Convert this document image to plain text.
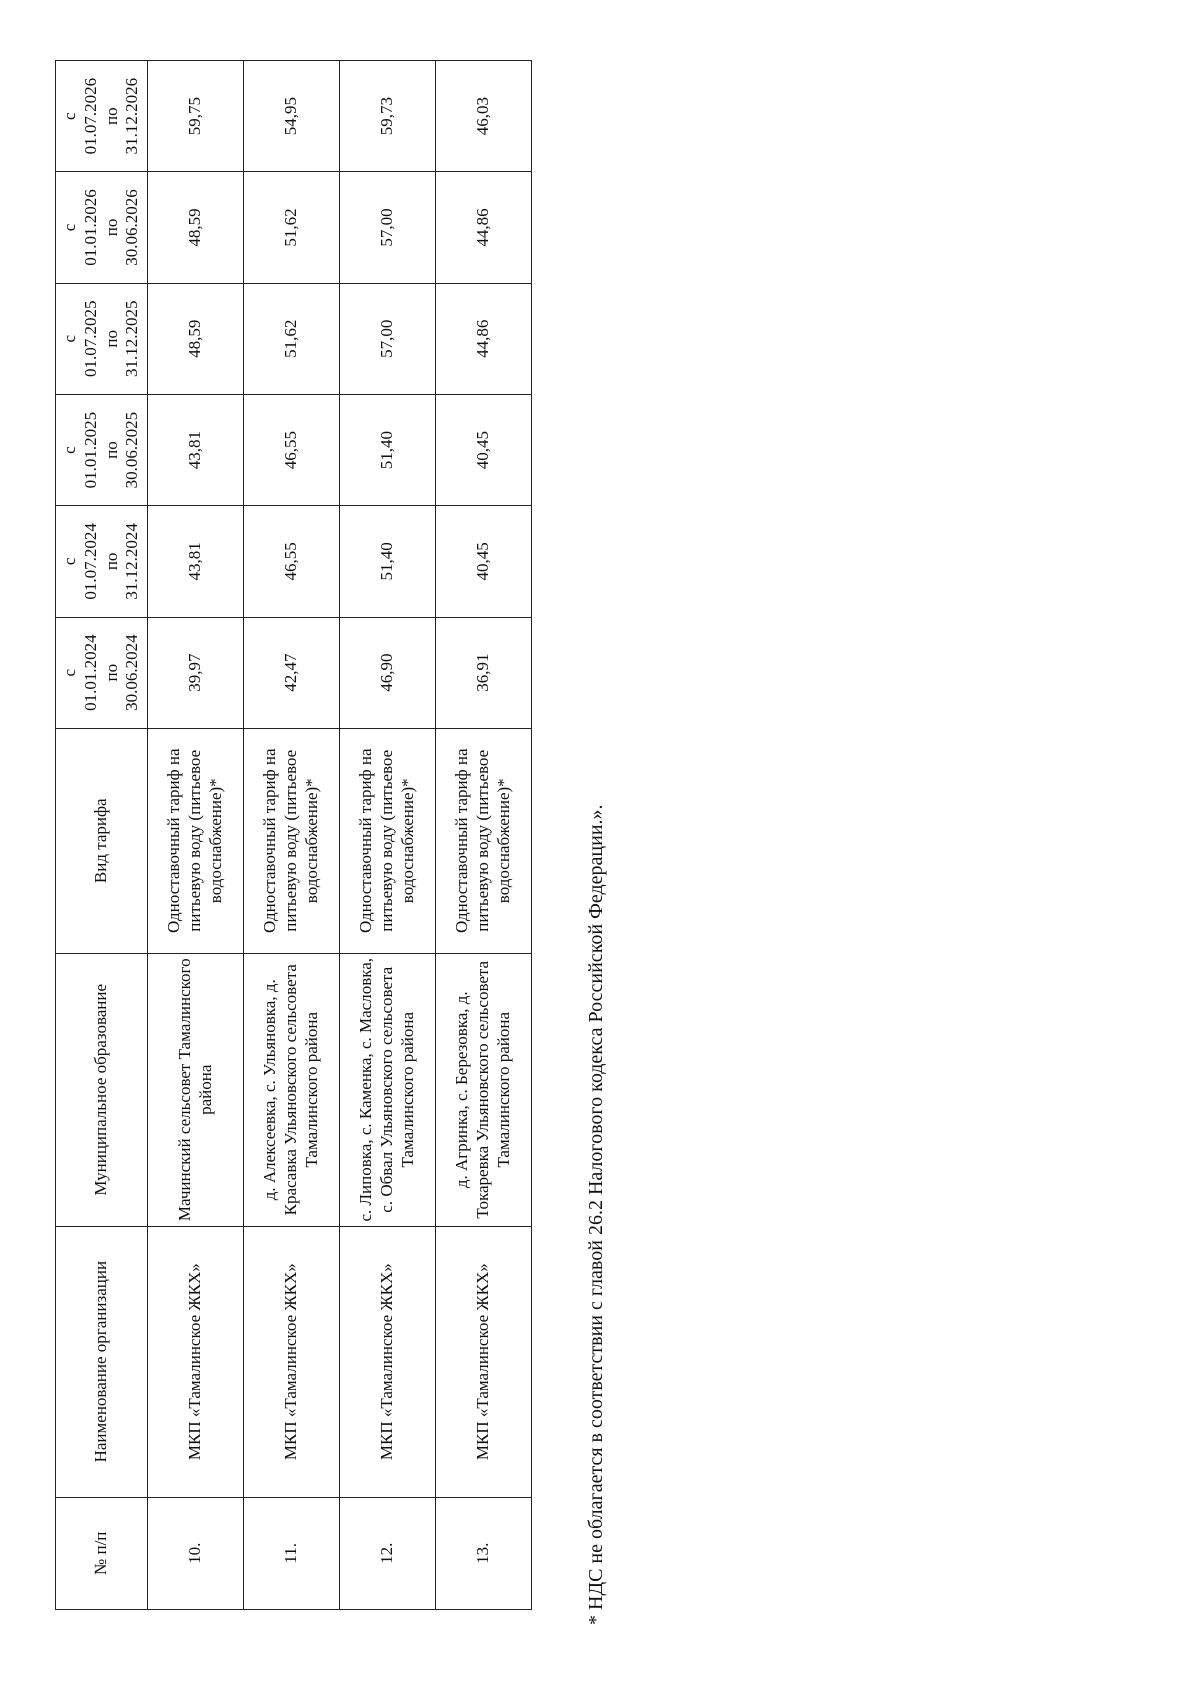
№ п/п	Наименование организации	Муниципальное образование	Вид тарифа	с 01.01.2024 по 30.06.2024	с 01.07.2024 по 31.12.2024	с 01.01.2025 по 30.06.2025	с 01.07.2025 по 31.12.2025	с 01.01.2026 по 30.06.2026	с 01.07.2026 по 31.12.2026

10.	МКП «Тамалинское ЖКХ»	Мачинский сельсовет Тамалинского района	Одноставочный тариф на питьевую воду (питьевое водоснабжение)*	39,97	43,81	43,81	48,59	48,59	59,75
11.	МКП «Тамалинское ЖКХ»	д. Алексеевка, с. Ульяновка, д. Красавка Ульяновского сельсовета Тамалинского района	Одноставочный тариф на питьевую воду (питьевое водоснабжение)*	42,47	46,55	46,55	51,62	51,62	54,95
12.	МКП «Тамалинское ЖКХ»	с. Липовка, с. Каменка, с. Масловка, с. Обвал Ульяновского сельсовета Тамалинского района	Одноставочный тариф на питьевую воду (питьевое водоснабжение)*	46,90	51,40	51,40	57,00	57,00	59,73
13.	МКП «Тамалинское ЖКХ»	д. Агринка, с. Березовка, д. Токаревка Ульяновского сельсовета Тамалинского района	Одноставочный тариф на питьевую воду (питьевое водоснабжение)*	36,91	40,45	40,45	44,86	44,86	46,03
* НДС не облагается в соответствии с главой 26.2 Налогового кодекса Российской Федерации.».
